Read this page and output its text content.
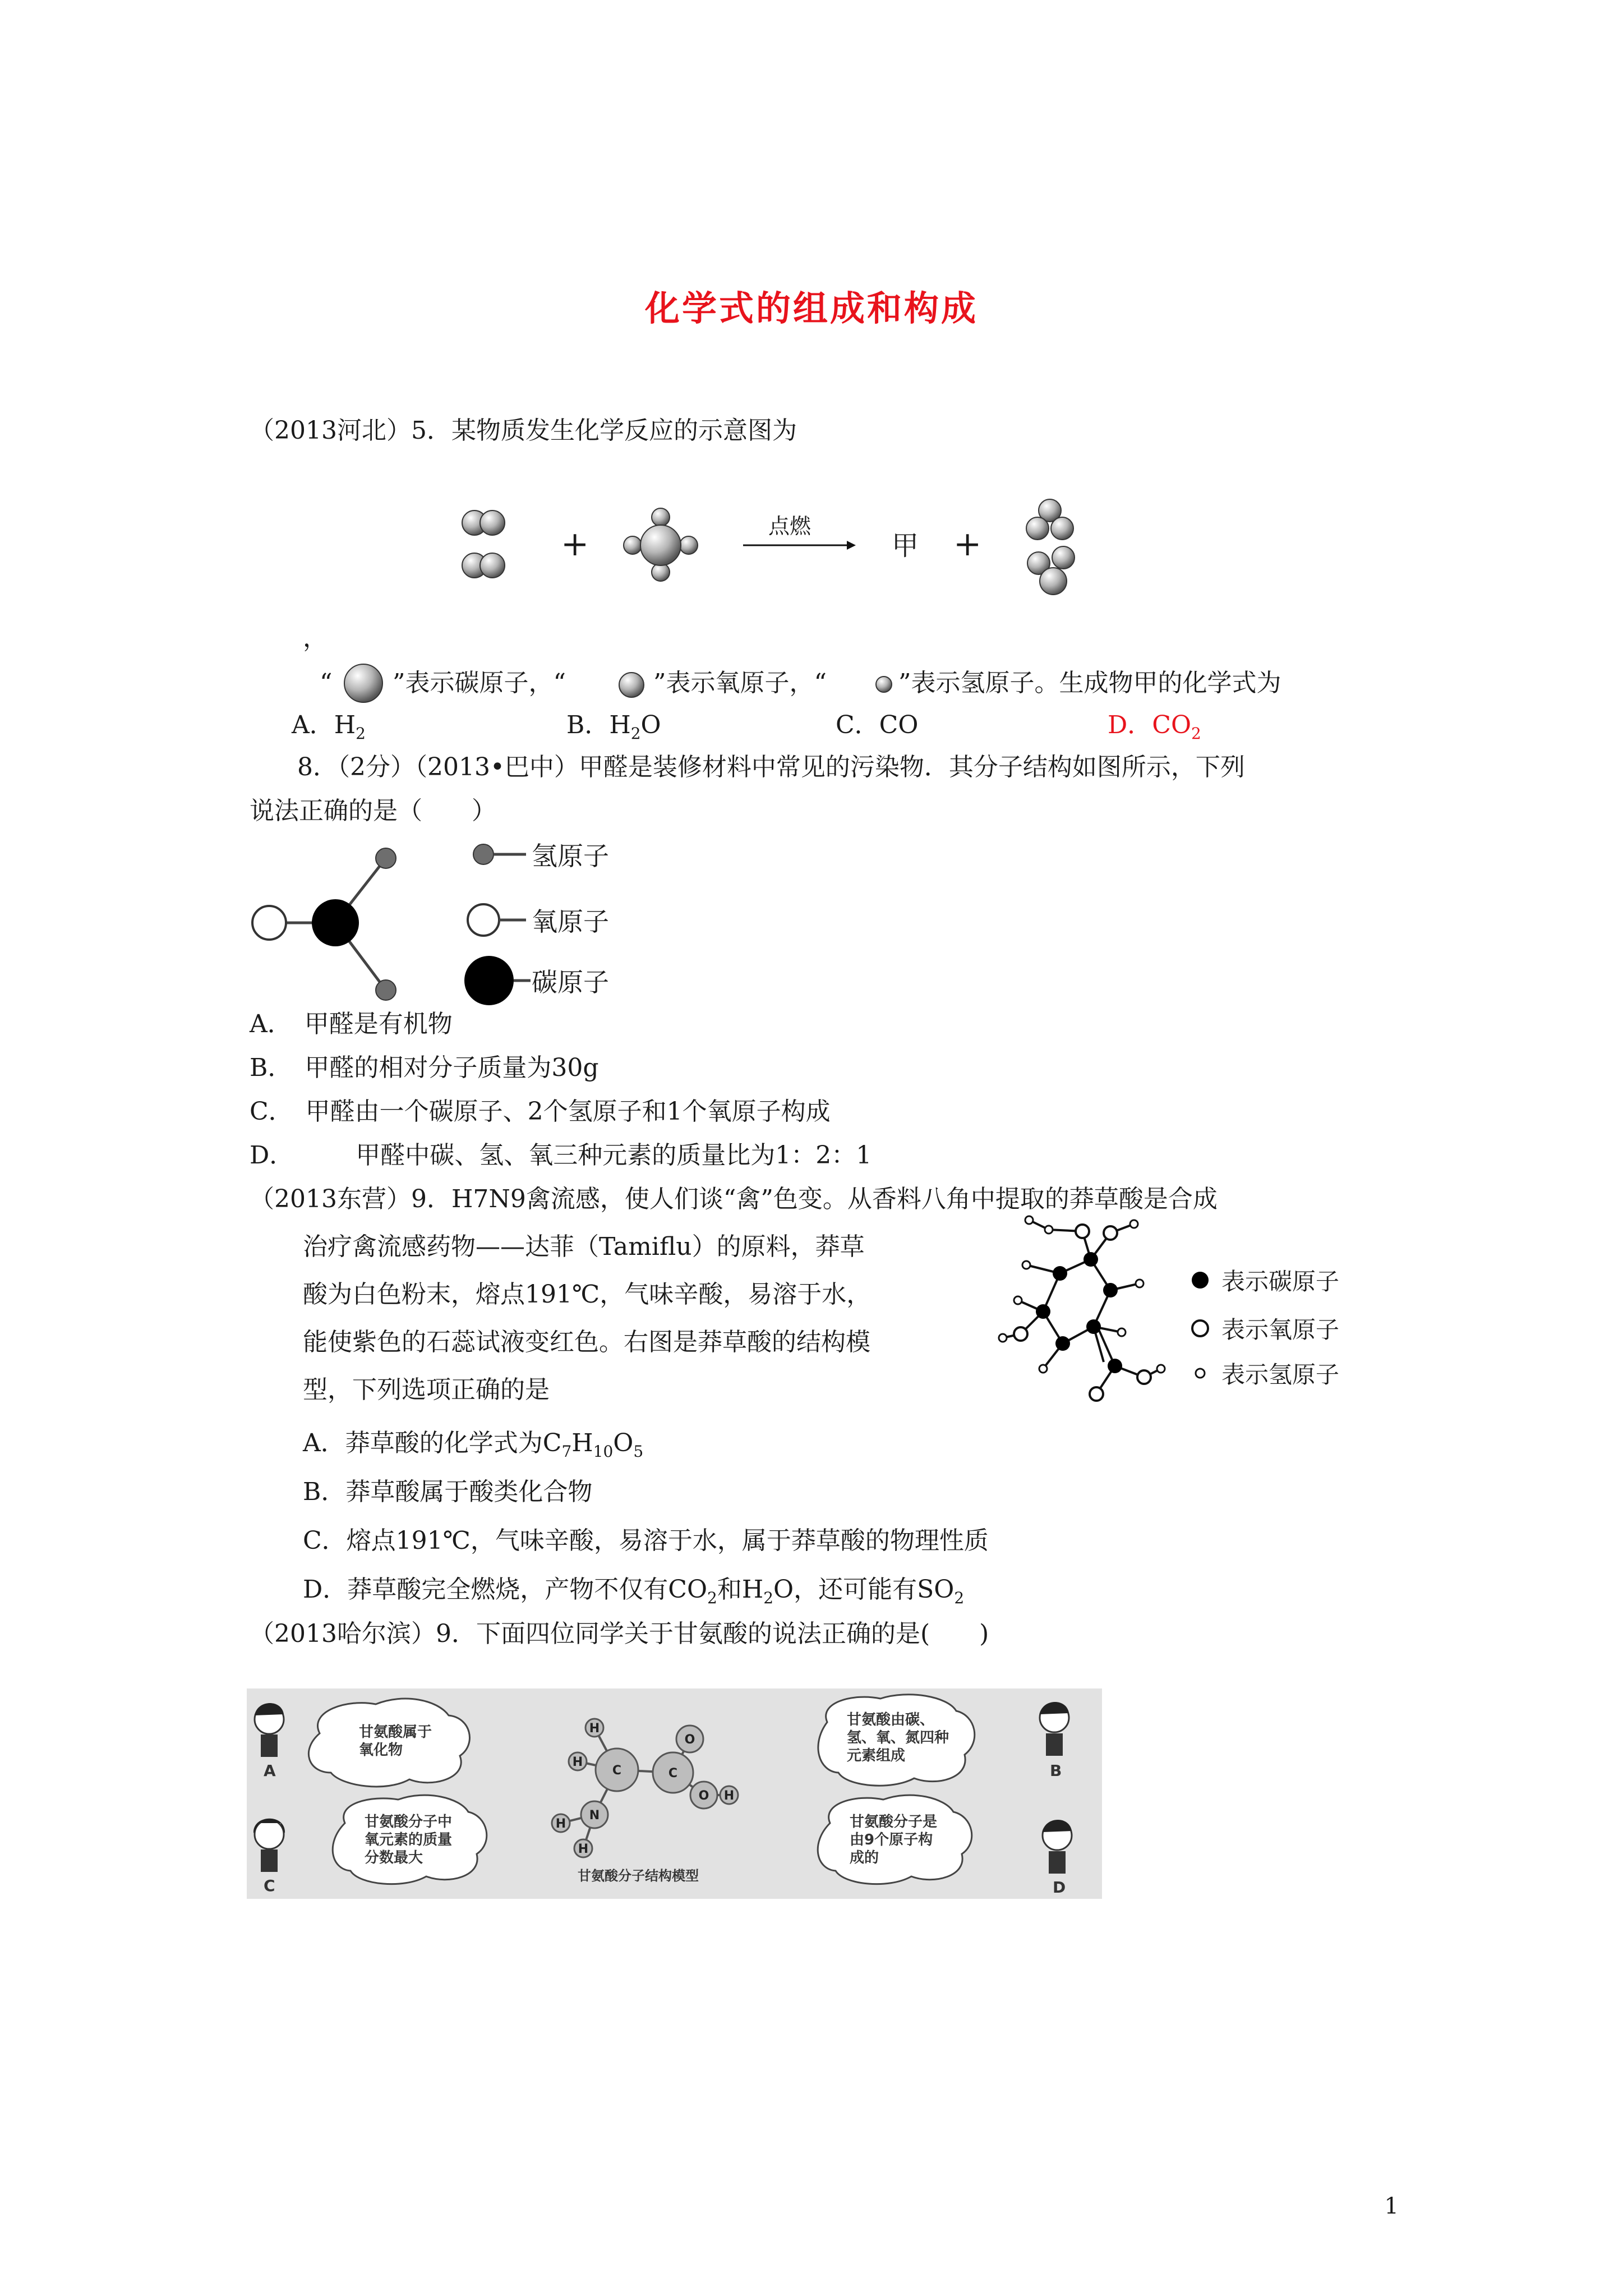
化学式的组成和构成
（2013河北）5．某物质发生化学反应的示意图为
+	点燃
甲 +
，
“ ”表示碳原子，“	”表示氧原子，“	”表示氢原子。生成物甲的化学式为
A．$H_2$	B．$H_2O$	C．CO	D．$CO_2$
8．（2分）（2013•巴中）甲醛是装修材料中常见的污染物．其分子结构如图所示，下列
说法正确的是（　　）
氢原子
氧原子
碳原子
A．　甲醛是有机物
B．　甲醛的相对分子质量为30g
C．　甲醛由一个碳原子、2个氢原子和1个氧原子构成
D．　　　甲醛中碳、氢、氧三种元素的质量比为1：2：1
（2013东营）9．H7N9禽流感，使人们谈“禽”色变。从香料八角中提取的莽草酸是合成
治疗禽流感药物——达菲（Tamiflu）的原料，莽草
酸为白色粉末，熔点191℃，气味辛酸，易溶于水，
能使紫色的石蕊试液变红色。右图是莽草酸的结构模
型，下列选项正确的是
表示碳原子
表示氧原子
表示氢原子
A．莽草酸的化学式为$C_7H_{10}O_5$
B．莽草酸属于酸类化合物
C．熔点191℃，气味辛酸，易溶于水，属于莽草酸的物理性质
D．莽草酸完全燃烧，产物不仅有$CO_2$和$H_2O$，还可能有$SO_2$
（2013哈尔滨）9．下面四位同学关于甘氨酸的说法正确的是(　　)
H
H
C	C
O
O
N
H
H
H
甘氨酸属于
氧化物
甘氨酸由碳、
氢、氧、氮四种
元素组成
甘氨酸分子中
氧元素的质量
分数最大
甘氨酸分子是
由9个原子构
成的
甘氨酸分子结构模型
A	B
C	D
1
